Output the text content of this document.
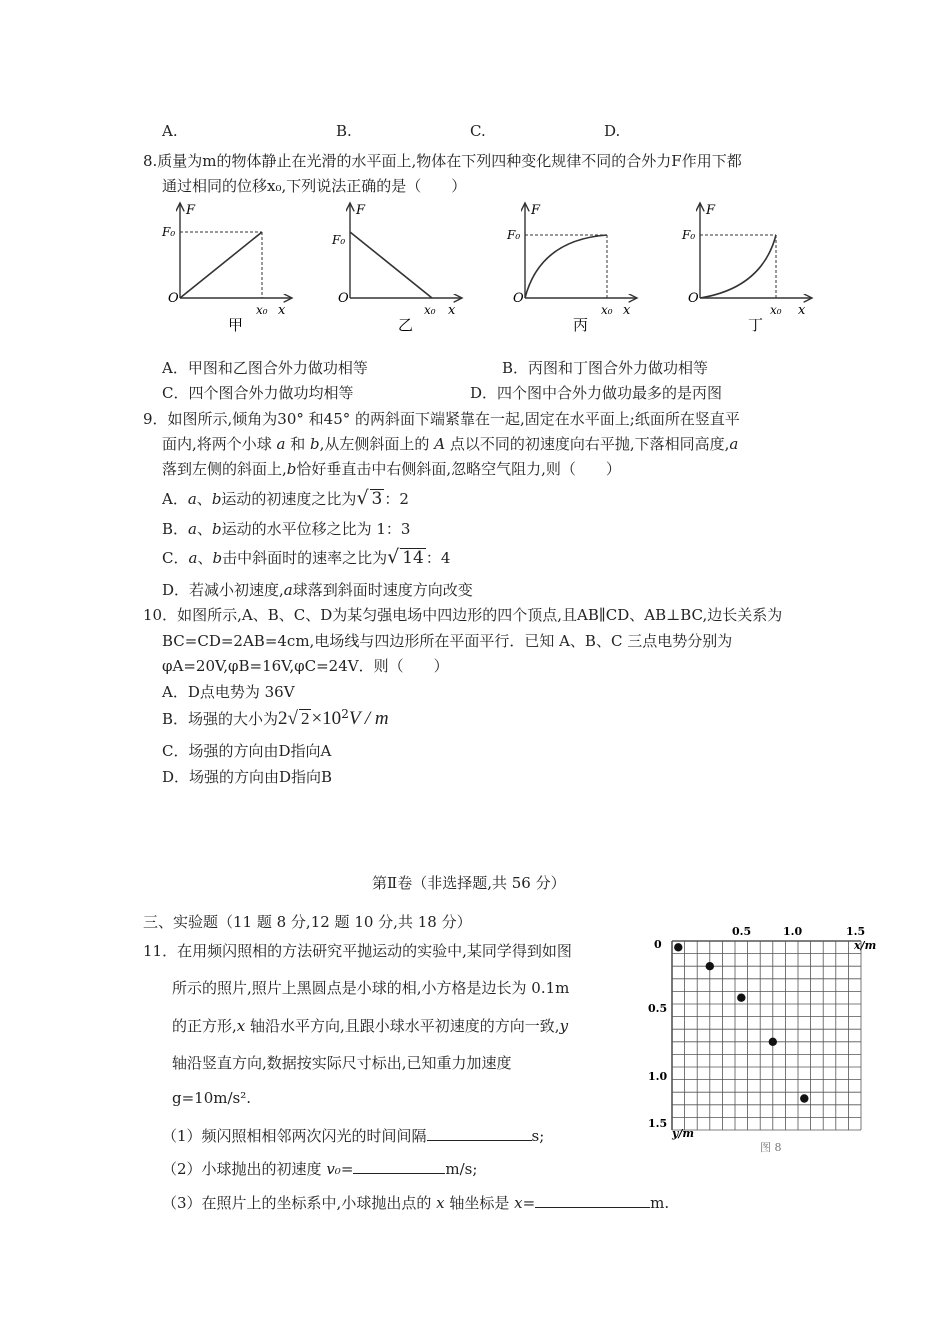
A.	B.	C.	D.
8.质量为m的物体静止在光滑的水平面上,物体在下列四种变化规律不同的合外力F作用下都
通过相同的位移x₀,下列说法正确的是（　　）
F
F₀
O
x₀ x
甲
F
F₀
O
x₀ x
乙
F
F₀
O
x₀ x
丙
F
F₀
O
x₀ x
丁
A．甲图和乙图合外力做功相等	B．丙图和丁图合外力做功相等
C．四个图合外力做功均相等	D．四个图中合外力做功最多的是丙图
9．如图所示,倾角为30° 和45° 的两斜面下端紧靠在一起,固定在水平面上;纸面所在竖直平
面内,将两个小球 a 和 b,从左侧斜面上的 A 点以不同的初速度向右平抛,下落相同高度,a
落到左侧的斜面上,b恰好垂直击中右侧斜面,忽略空气阻力,则（　　）
A．a、b运动的初速度之比为√ 3 ：2
B．a、b运动的水平位移之比为 1：3
C．a、b击中斜面时的速率之比为√ 14 ：4
D．若减小初速度,a球落到斜面时速度方向改变
10．如图所示,A、B、C、D为某匀强电场中四边形的四个顶点,且AB∥CD、AB⊥BC,边长关系为
BC=CD=2AB=4cm,电场线与四边形所在平面平行．已知 A、B、C 三点电势分别为
φA=20V,φB=16V,φC=24V．则（　　）
A．D点电势为 36V
B．场强的大小为2√ $2 \times 10^2V / m$
C．场强的方向由D指向A
D．场强的方向由D指向B
第Ⅱ卷（非选择题,共 56 分）
三、实验题（11 题 8 分,12 题 10 分,共 18 分）
11．在用频闪照相的方法研究平抛运动的实验中,某同学得到如图
所示的照片,照片上黑圆点是小球的相,小方格是边长为 0.1m
的正方形,x 轴沿水平方向,且跟小球水平初速度的方向一致,y
轴沿竖直方向,数据按实际尺寸标出,已知重力加速度
g=10m/s².
（1）频闪照相相邻两次闪光的时间间隔	s;
（2）小球抛出的初速度 v₀=	m/s;
（3）在照片上的坐标系中,小球抛出点的 x 轴坐标是 x=	m.
0.5	1.0	1.5
x/m
0
0.5
1.0
1.5
y/m
图 8
